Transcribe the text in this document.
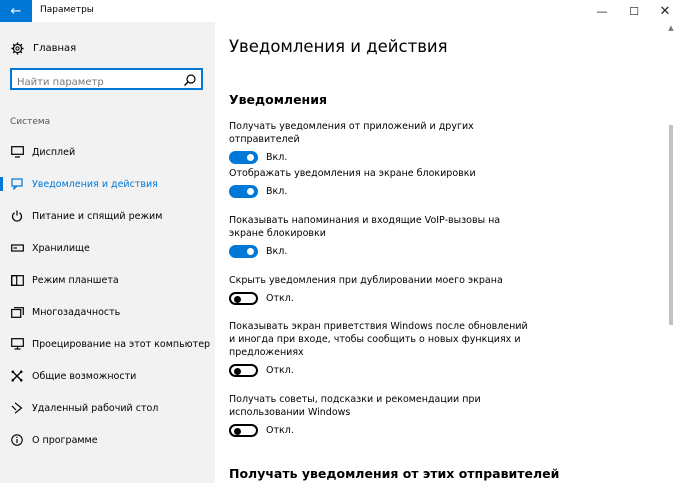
← Параметры	— ☐ ✕
Главная
Найти параметр
Система
Дисплей
Уведомления и действия
Питание и спящий режим
Хранилище
Режим планшета
Многозадачность
Проецирование на этот компьютер
Общие возможности
Удаленный рабочий стол
О программе
Уведомления и действия
Уведомления
Получать уведомления от приложений и других отправителей
Вкл.
Отображать уведомления на экране блокировки
Вкл.
Показывать напоминания и входящие VoIP-вызовы на экране блокировки
Вкл.
Скрыть уведомления при дублировании моего экрана
Откл.
Показывать экран приветствия Windows после обновлений и иногда при входе, чтобы сообщить о новых функциях и предложениях
Откл.
Получать советы, подсказки и рекомендации при использовании Windows
Откл.
Получать уведомления от этих отправителей
▲
